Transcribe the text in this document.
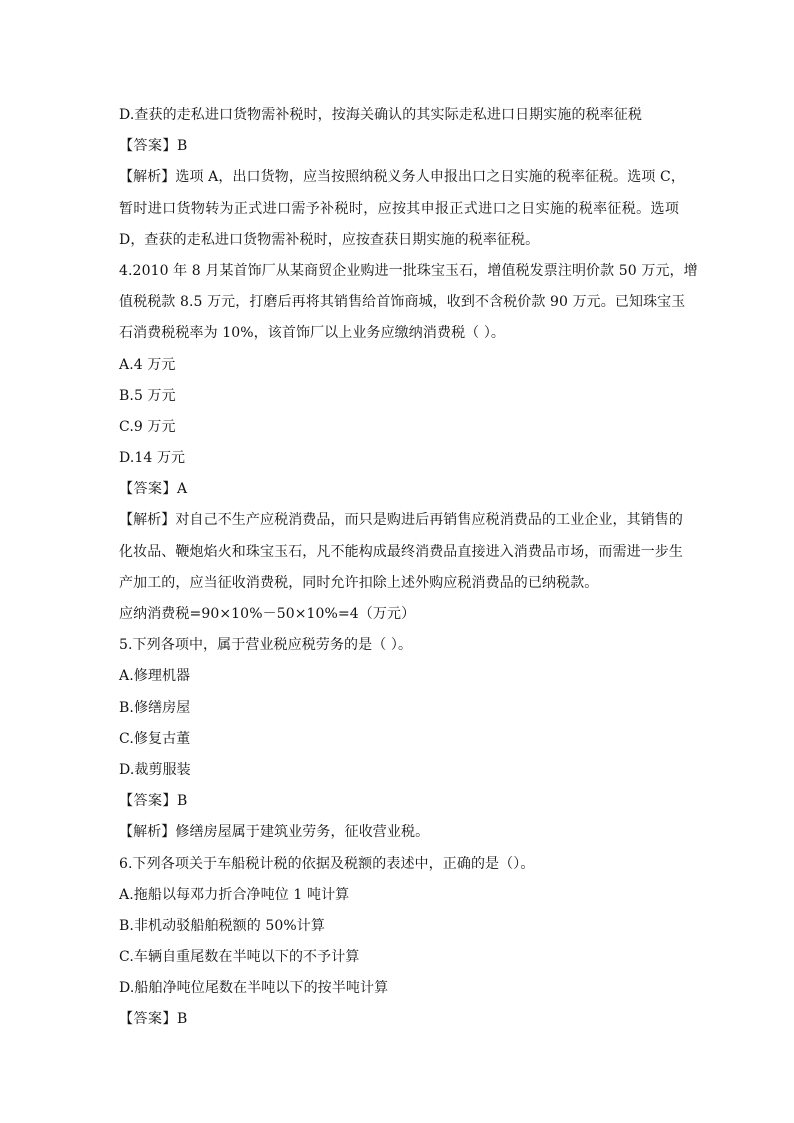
D.查获的走私进口货物需补税时，按海关确认的其实际走私进口日期实施的税率征税
【答案】B
【解析】选项 A，出口货物，应当按照纳税义务人申报出口之日实施的税率征税。选项 C，
暂时进口货物转为正式进口需予补税时，应按其申报正式进口之日实施的税率征税。选项
D，查获的走私进口货物需补税时，应按查获日期实施的税率征税。
4.2010 年 8 月某首饰厂从某商贸企业购进一批珠宝玉石，增值税发票注明价款 50 万元，增
值税税款 8.5 万元，打磨后再将其销售给首饰商城，收到不含税价款 90 万元。已知珠宝玉
石消费税税率为 10%，该首饰厂以上业务应缴纳消费税（ ）。
A.4 万元
B.5 万元
C.9 万元
D.14 万元
【答案】A
【解析】对自己不生产应税消费品，而只是购进后再销售应税消费品的工业企业，其销售的
化妆品、鞭炮焰火和珠宝玉石，凡不能构成最终消费品直接进入消费品市场，而需进一步生
产加工的，应当征收消费税，同时允许扣除上述外购应税消费品的已纳税款。
应纳消费税=90×10%－50×10%=4（万元）
5.下列各项中，属于营业税应税劳务的是（ ）。
A.修理机器
B.修缮房屋
C.修复古董
D.裁剪服装
【答案】B
【解析】修缮房屋属于建筑业劳务，征收营业税。
6.下列各项关于车船税计税的依据及税额的表述中，正确的是（）。
A.拖船以每邓力折合净吨位 1 吨计算
B.非机动驳船舶税额的 50%计算
C.车辆自重尾数在半吨以下的不予计算
D.船舶净吨位尾数在半吨以下的按半吨计算
【答案】B
